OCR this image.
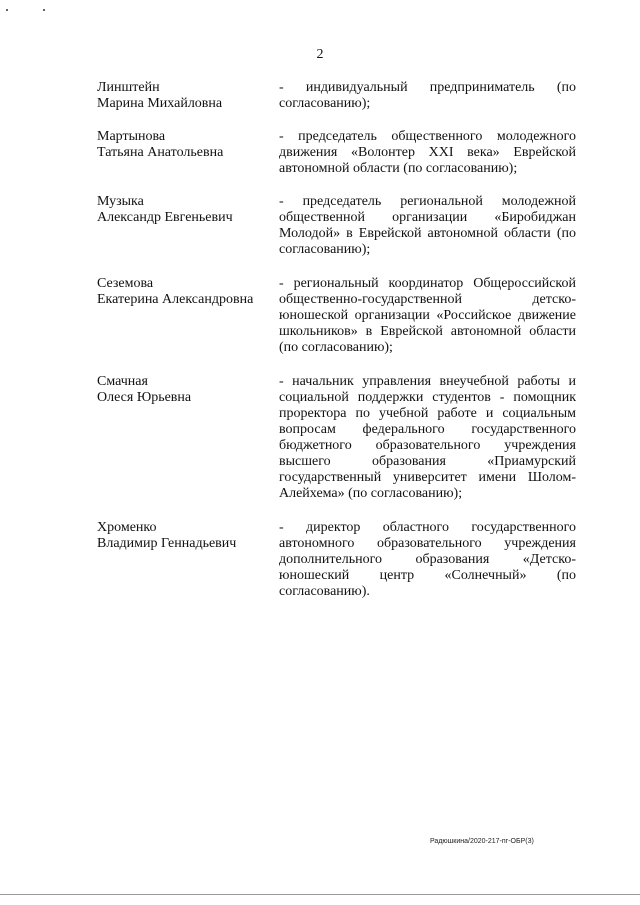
2
Линштейн
Марина Михайловна
- индивидуальный предприниматель (по согласованию);
Мартынова
Татьяна Анатольевна
- председатель общественного молодежного движения «Волонтер XXI века» Еврейской автономной области (по согласованию);
Музыка
Александр Евгеньевич
- председатель региональной молодежной общественной организации «Биробиджан Молодой» в Еврейской автономной области (по согласованию);
Сеземова
Екатерина Александровна
- региональный координатор Общероссийской общественно-государственной детско-юношеской организации «Российское движение школьников» в Еврейской автономной области (по согласованию);
Смачная
Олеся Юрьевна
- начальник управления внеучебной работы и социальной поддержки студентов - помощник проректора по учебной работе и социальным вопросам федерального государственного бюджетного образовательного учреждения высшего образования «Приамурский государственный университет имени Шолом-Алейхема» (по согласованию);
Хроменко
Владимир Геннадьевич
- директор областного государственного автономного образовательного учреждения дополнительного образования «Детско-юношеский центр «Солнечный» (по согласованию).
Радюшкина/2020-217-пг-ОБР(3)
